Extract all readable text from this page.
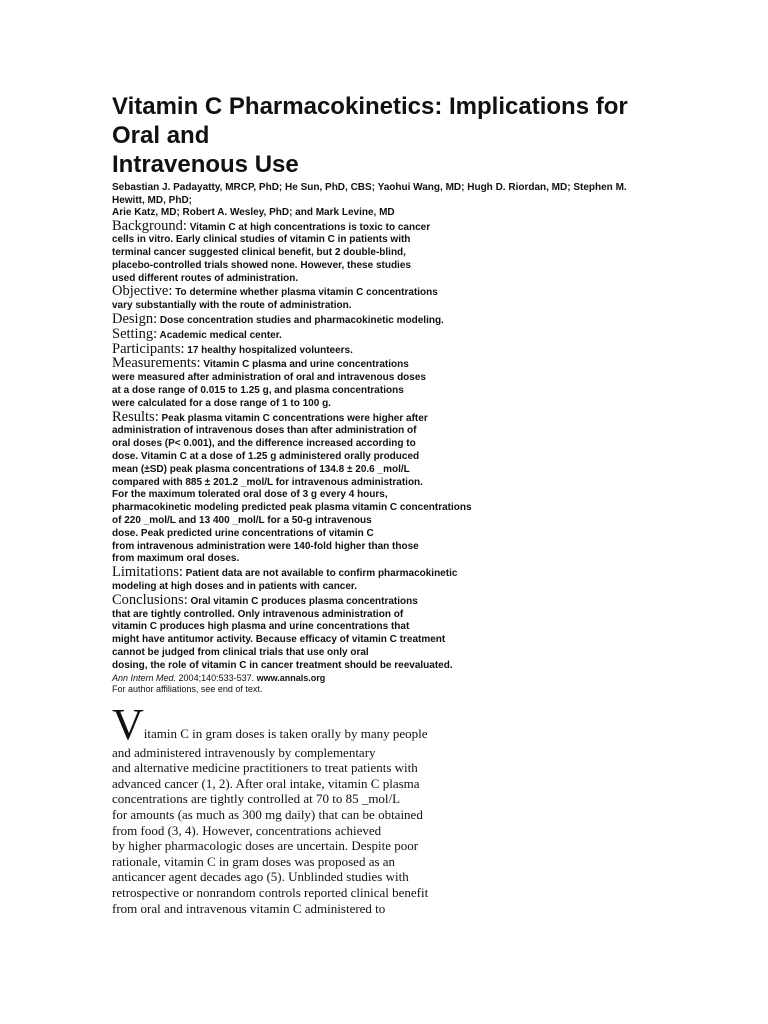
Vitamin C Pharmacokinetics: Implications for
Oral and
Intravenous Use
Sebastian J. Padayatty, MRCP, PhD; He Sun, PhD, CBS; Yaohui Wang, MD; Hugh D. Riordan, MD; Stephen M.
Hewitt, MD, PhD;
Arie Katz, MD; Robert A. Wesley, PhD; and Mark Levine, MD
Background: Vitamin C at high concentrations is toxic to cancer
cells in vitro. Early clinical studies of vitamin C in patients with
terminal cancer suggested clinical benefit, but 2 double-blind,
placebo-controlled trials showed none. However, these studies
used different routes of administration.
Objective: To determine whether plasma vitamin C concentrations
vary substantially with the route of administration.
Design: Dose concentration studies and pharmacokinetic modeling.
Setting: Academic medical center.
Participants: 17 healthy hospitalized volunteers.
Measurements: Vitamin C plasma and urine concentrations
were measured after administration of oral and intravenous doses
at a dose range of 0.015 to 1.25 g, and plasma concentrations
were calculated for a dose range of 1 to 100 g.
Results: Peak plasma vitamin C concentrations were higher after
administration of intravenous doses than after administration of
oral doses (P< 0.001), and the difference increased according to
dose. Vitamin C at a dose of 1.25 g administered orally produced
mean (±SD) peak plasma concentrations of 134.8 ± 20.6 _mol/L
compared with 885 ± 201.2 _mol/L for intravenous administration.
For the maximum tolerated oral dose of 3 g every 4 hours,
pharmacokinetic modeling predicted peak plasma vitamin C concentrations
of 220 _mol/L and 13 400 _mol/L for a 50-g intravenous
dose. Peak predicted urine concentrations of vitamin C
from intravenous administration were 140-fold higher than those
from maximum oral doses.
Limitations: Patient data are not available to confirm pharmacokinetic
modeling at high doses and in patients with cancer.
Conclusions: Oral vitamin C produces plasma concentrations
that are tightly controlled. Only intravenous administration of
vitamin C produces high plasma and urine concentrations that
might have antitumor activity. Because efficacy of vitamin C treatment
cannot be judged from clinical trials that use only oral
dosing, the role of vitamin C in cancer treatment should be reevaluated.
Ann Intern Med. 2004;140:533-537. www.annals.org
For author affiliations, see end of text.
V itamin C in gram doses is taken orally by many people
and administered intravenously by complementary
and alternative medicine practitioners to treat patients with
advanced cancer (1, 2). After oral intake, vitamin C plasma
concentrations are tightly controlled at 70 to 85 _mol/L
for amounts (as much as 300 mg daily) that can be obtained
from food (3, 4). However, concentrations achieved
by higher pharmacologic doses are uncertain. Despite poor
rationale, vitamin C in gram doses was proposed as an
anticancer agent decades ago (5). Unblinded studies with
retrospective or nonrandom controls reported clinical benefit
from oral and intravenous vitamin C administered to
